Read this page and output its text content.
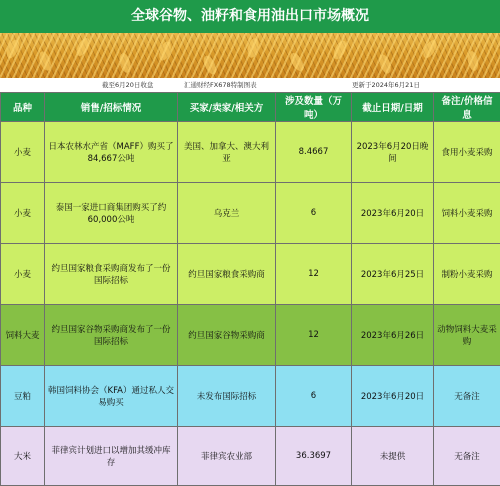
全球谷物、油籽和食用油出口市场概况
截至6月20日收盘	汇通财经FX678特制图表	更新于2024年6月21日
品种	销售/招标情况	买家/卖家/相关方	涉及数量（万吨）	截止日期/日期	备注/价格信息
小麦	日本农林水产省（MAFF）购买了84,667公吨	美国、加拿大、澳大利亚	8.4667	2023年6月20日晚间	食用小麦采购
小麦	泰国一家进口商集团购买了约60,000公吨	乌克兰	6	2023年6月20日	饲料小麦采购
小麦	约旦国家粮食采购商发布了一份国际招标	约旦国家粮食采购商	12	2023年6月25日	制粉小麦采购
饲料大麦	约旦国家谷物采购商发布了一份国际招标	约旦国家谷物采购商	12	2023年6月26日	动物饲料大麦采购
豆粕	韩国饲料协会（KFA）通过私人交易购买	未发布国际招标	6	2023年6月20日	无备注
大米	菲律宾计划进口以增加其缓冲库存	菲律宾农业部	36.3697	未提供	无备注
